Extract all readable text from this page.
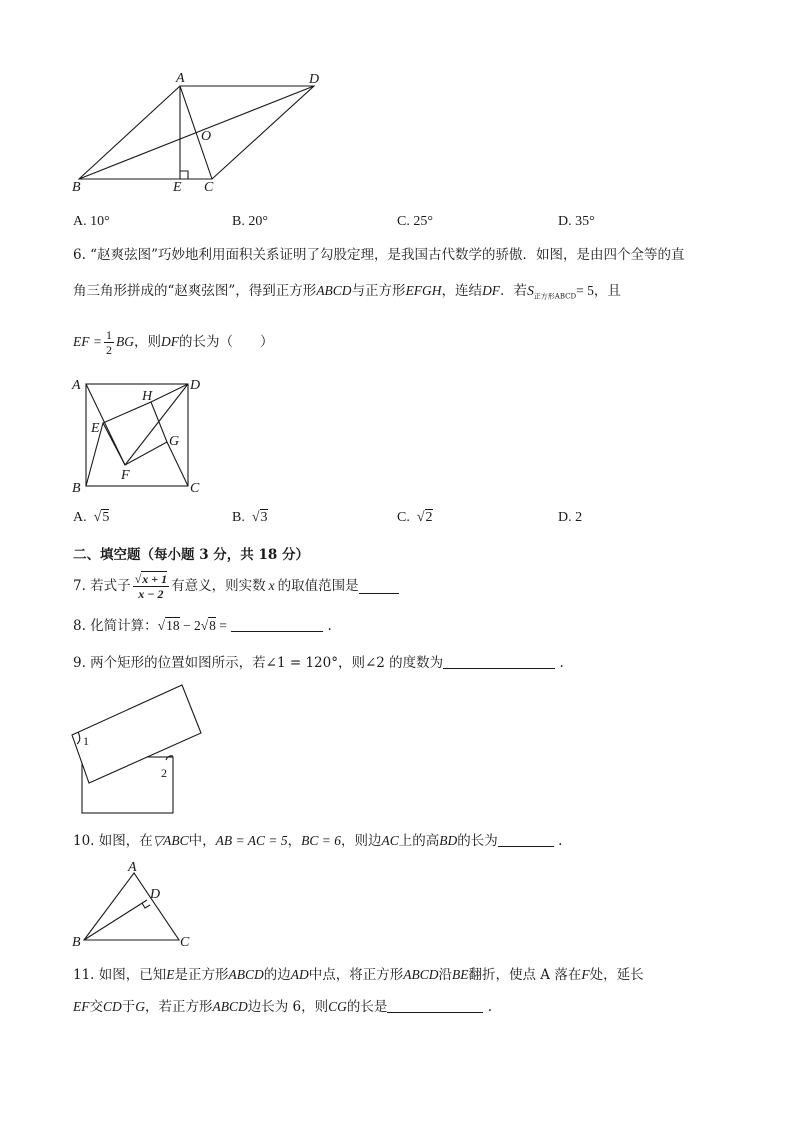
A	D
O
B	E C
A. 10°	B. 20°	C. 25°	D. 35°
6. “赵爽弦图”巧妙地利用面积关系证明了勾股定理，是我国古代数学的骄傲．如图，是由四个全等的直
角三角形拼成的“赵爽弦图”，得到正方形ABCD与正方形EFGH，连结DF．若$S_{正方形ABCD}= 5$，且
EF = $\frac{1}{2}$ BG ，则 DF 的长为（　　）
A	D
H
E
G
F
B	C
A.  √5	B.  √3	C.  √2	D. 2
二、填空题（每小题 3 分，共 18 分）
7. 若式子 $\frac{√x + 1}{x - 2}$ 有意义，则实数 x 的取值范围是
8. 化简计算：√18 − 2√8 =	.
9. 两个矩形的位置如图所示，若∠1 = 120°，则∠2 的度数为	.
1
2
10. 如图，在▽ABC中，AB = AC = 5，BC = 6，则边AC上的高BD的长为	.
A
D
B	C
11. 如图，已知E是正方形ABCD的边AD中点，将正方形ABCD沿BE翻折，使点 A 落在F处，延长
EF交CD于G，若正方形ABCD边长为 6，则CG的长是	.
